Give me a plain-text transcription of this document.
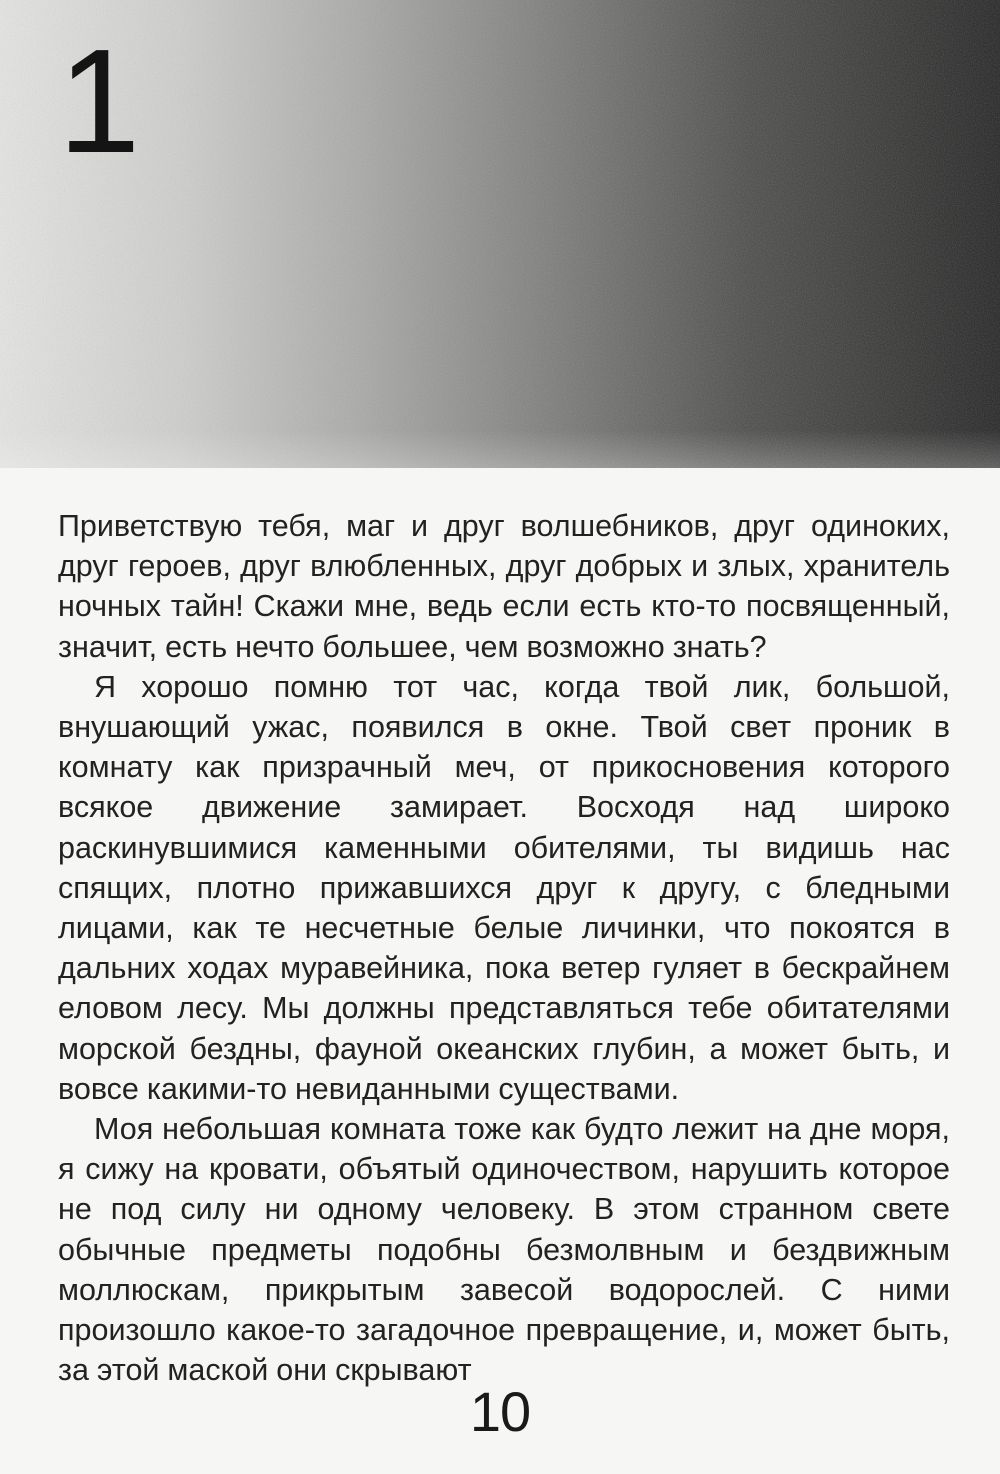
1

Приветствую тебя, маг и друг волшебников, друг одиноких, друг героев, друг влюбленных, друг добрых и злых, хранитель ночных тайн! Скажи мне, ведь если есть кто-то посвященный, значит, есть нечто большее, чем возможно знать?

Я хорошо помню тот час, когда твой лик, большой, внушающий ужас, появился в окне. Твой свет проник в комнату как призрачный меч, от прикосновения которого всякое движение замирает. Восходя над широко раскинувшимися каменными обителями, ты видишь нас спящих, плотно прижавшихся друг к другу, с бледными лицами, как те несчетные белые личинки, что покоятся в дальних ходах муравейника, пока ветер гуляет в бескрайнем еловом лесу. Мы должны представляться тебе обитателями морской бездны, фауной океанских глубин, а может быть, и вовсе какими-то невиданными существами.

Моя небольшая комната тоже как будто лежит на дне моря, я сижу на кровати, объятый одиночеством, нарушить которое не под силу ни одному человеку. В этом странном свете обычные предметы подобны безмолвным и бездвижным моллюскам, прикрытым завесой водорослей. С ними произошло какое-то загадочное превращение, и, может быть, за этой маской они скрывают

10
